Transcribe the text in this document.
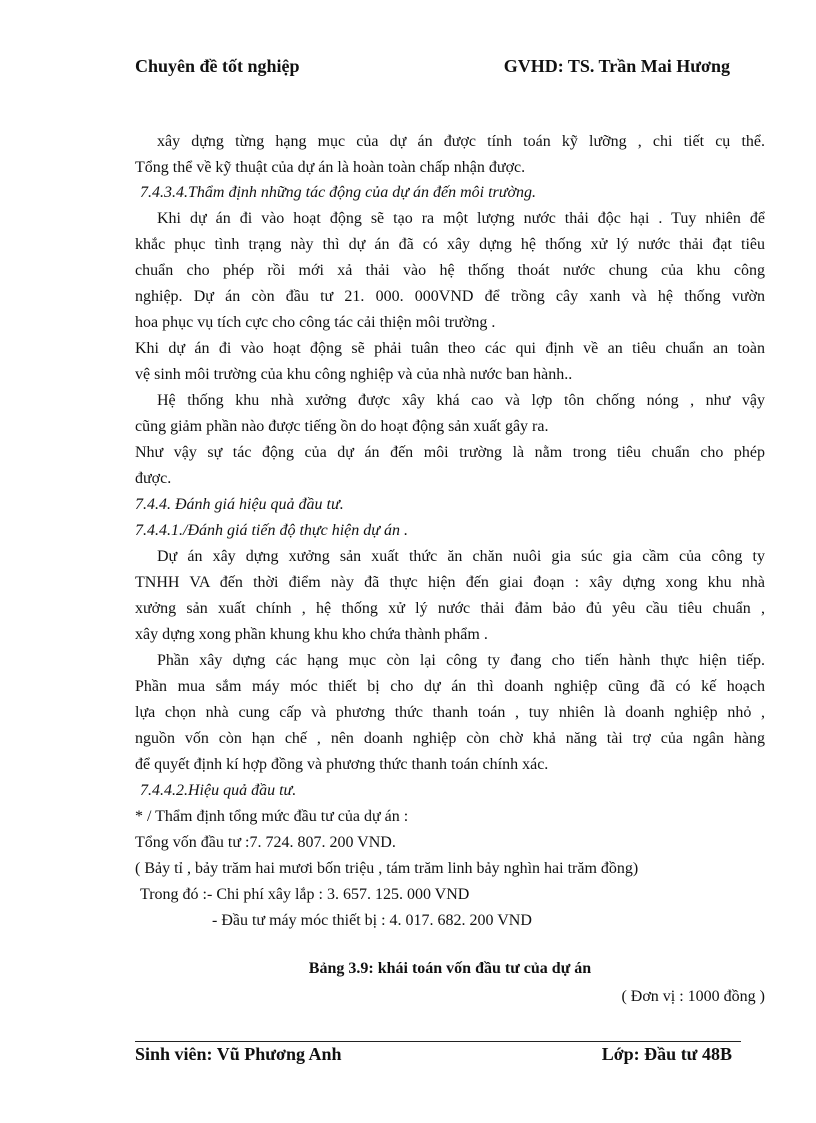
Chuyên đề tốt nghiệp	GVHD: TS. Trần Mai Hương
xây dựng từng hạng mục của dự án được tính toán kỹ lưỡng , chi tiết cụ thể.
Tổng thể về kỹ thuật của dự án là hoàn toàn chấp nhận được.
7.4.3.4.Thẩm định những tác động của dự án đến môi trường.
Khi dự án đi vào hoạt động sẽ tạo ra một lượng nước thải độc hại . Tuy nhiên để
khắc phục tình trạng này thì dự án đã có xây dựng hệ thống xử lý nước thải đạt tiêu
chuẩn cho phép rồi mới xả thải vào hệ thống thoát nước chung của khu công
nghiệp. Dự án còn đầu tư 21. 000. 000VND để trồng cây xanh và hệ thống vườn
hoa phục vụ tích cực cho công tác cải thiện môi trường .
Khi dự án đi vào hoạt động sẽ phải tuân theo các qui định về an tiêu chuẩn an toàn
vệ sinh môi trường của khu công nghiệp và của nhà nước ban hành..
Hệ thống khu nhà xưởng được xây khá cao và lợp tôn chống nóng , như vậy
cũng giảm phần nào được tiếng ồn do hoạt động sản xuất gây ra.
Như vậy sự tác động của dự án đến môi trường là nằm trong tiêu chuẩn cho phép
được.
7.4.4. Đánh giá hiệu quả đầu tư.
7.4.4.1./Đánh giá tiến độ thực hiện dự án .
Dự án xây dựng xưởng sản xuất thức ăn chăn nuôi gia súc gia cầm của công ty
TNHH VA đến thời điểm này đã thực hiện đến giai đoạn : xây dựng xong khu nhà
xưởng sản xuất chính , hệ thống xử lý nước thải đảm bảo đủ yêu cầu tiêu chuẩn ,
xây dựng xong phần khung khu kho chứa thành phẩm .
Phần xây dựng các hạng mục còn lại công ty đang cho tiến hành thực hiện tiếp.
Phần mua sắm máy móc thiết bị cho dự án thì doanh nghiệp cũng đã có kế hoạch
lựa chọn nhà cung cấp và phương thức thanh toán , tuy nhiên là doanh nghiệp nhỏ ,
nguồn vốn còn hạn chế , nên doanh nghiệp còn chờ khả năng tài trợ của ngân hàng
để quyết định kí hợp đồng và phương thức thanh toán chính xác.
7.4.4.2.Hiệu quả đầu tư.
* / Thẩm định tổng mức đầu tư của dự án :
Tổng vốn đầu tư :7. 724. 807. 200 VND.
( Bảy tỉ , bảy trăm hai mươi bốn triệu , tám trăm linh bảy nghìn hai trăm đồng)
Trong đó :- Chi phí xây lắp : 3. 657. 125. 000 VND
- Đầu tư máy móc thiết bị : 4. 017. 682. 200 VND
Bảng 3.9: khái toán vốn đầu tư của dự án
( Đơn vị : 1000 đồng )
Sinh viên: Vũ Phương Anh	Lớp: Đầu tư 48B
